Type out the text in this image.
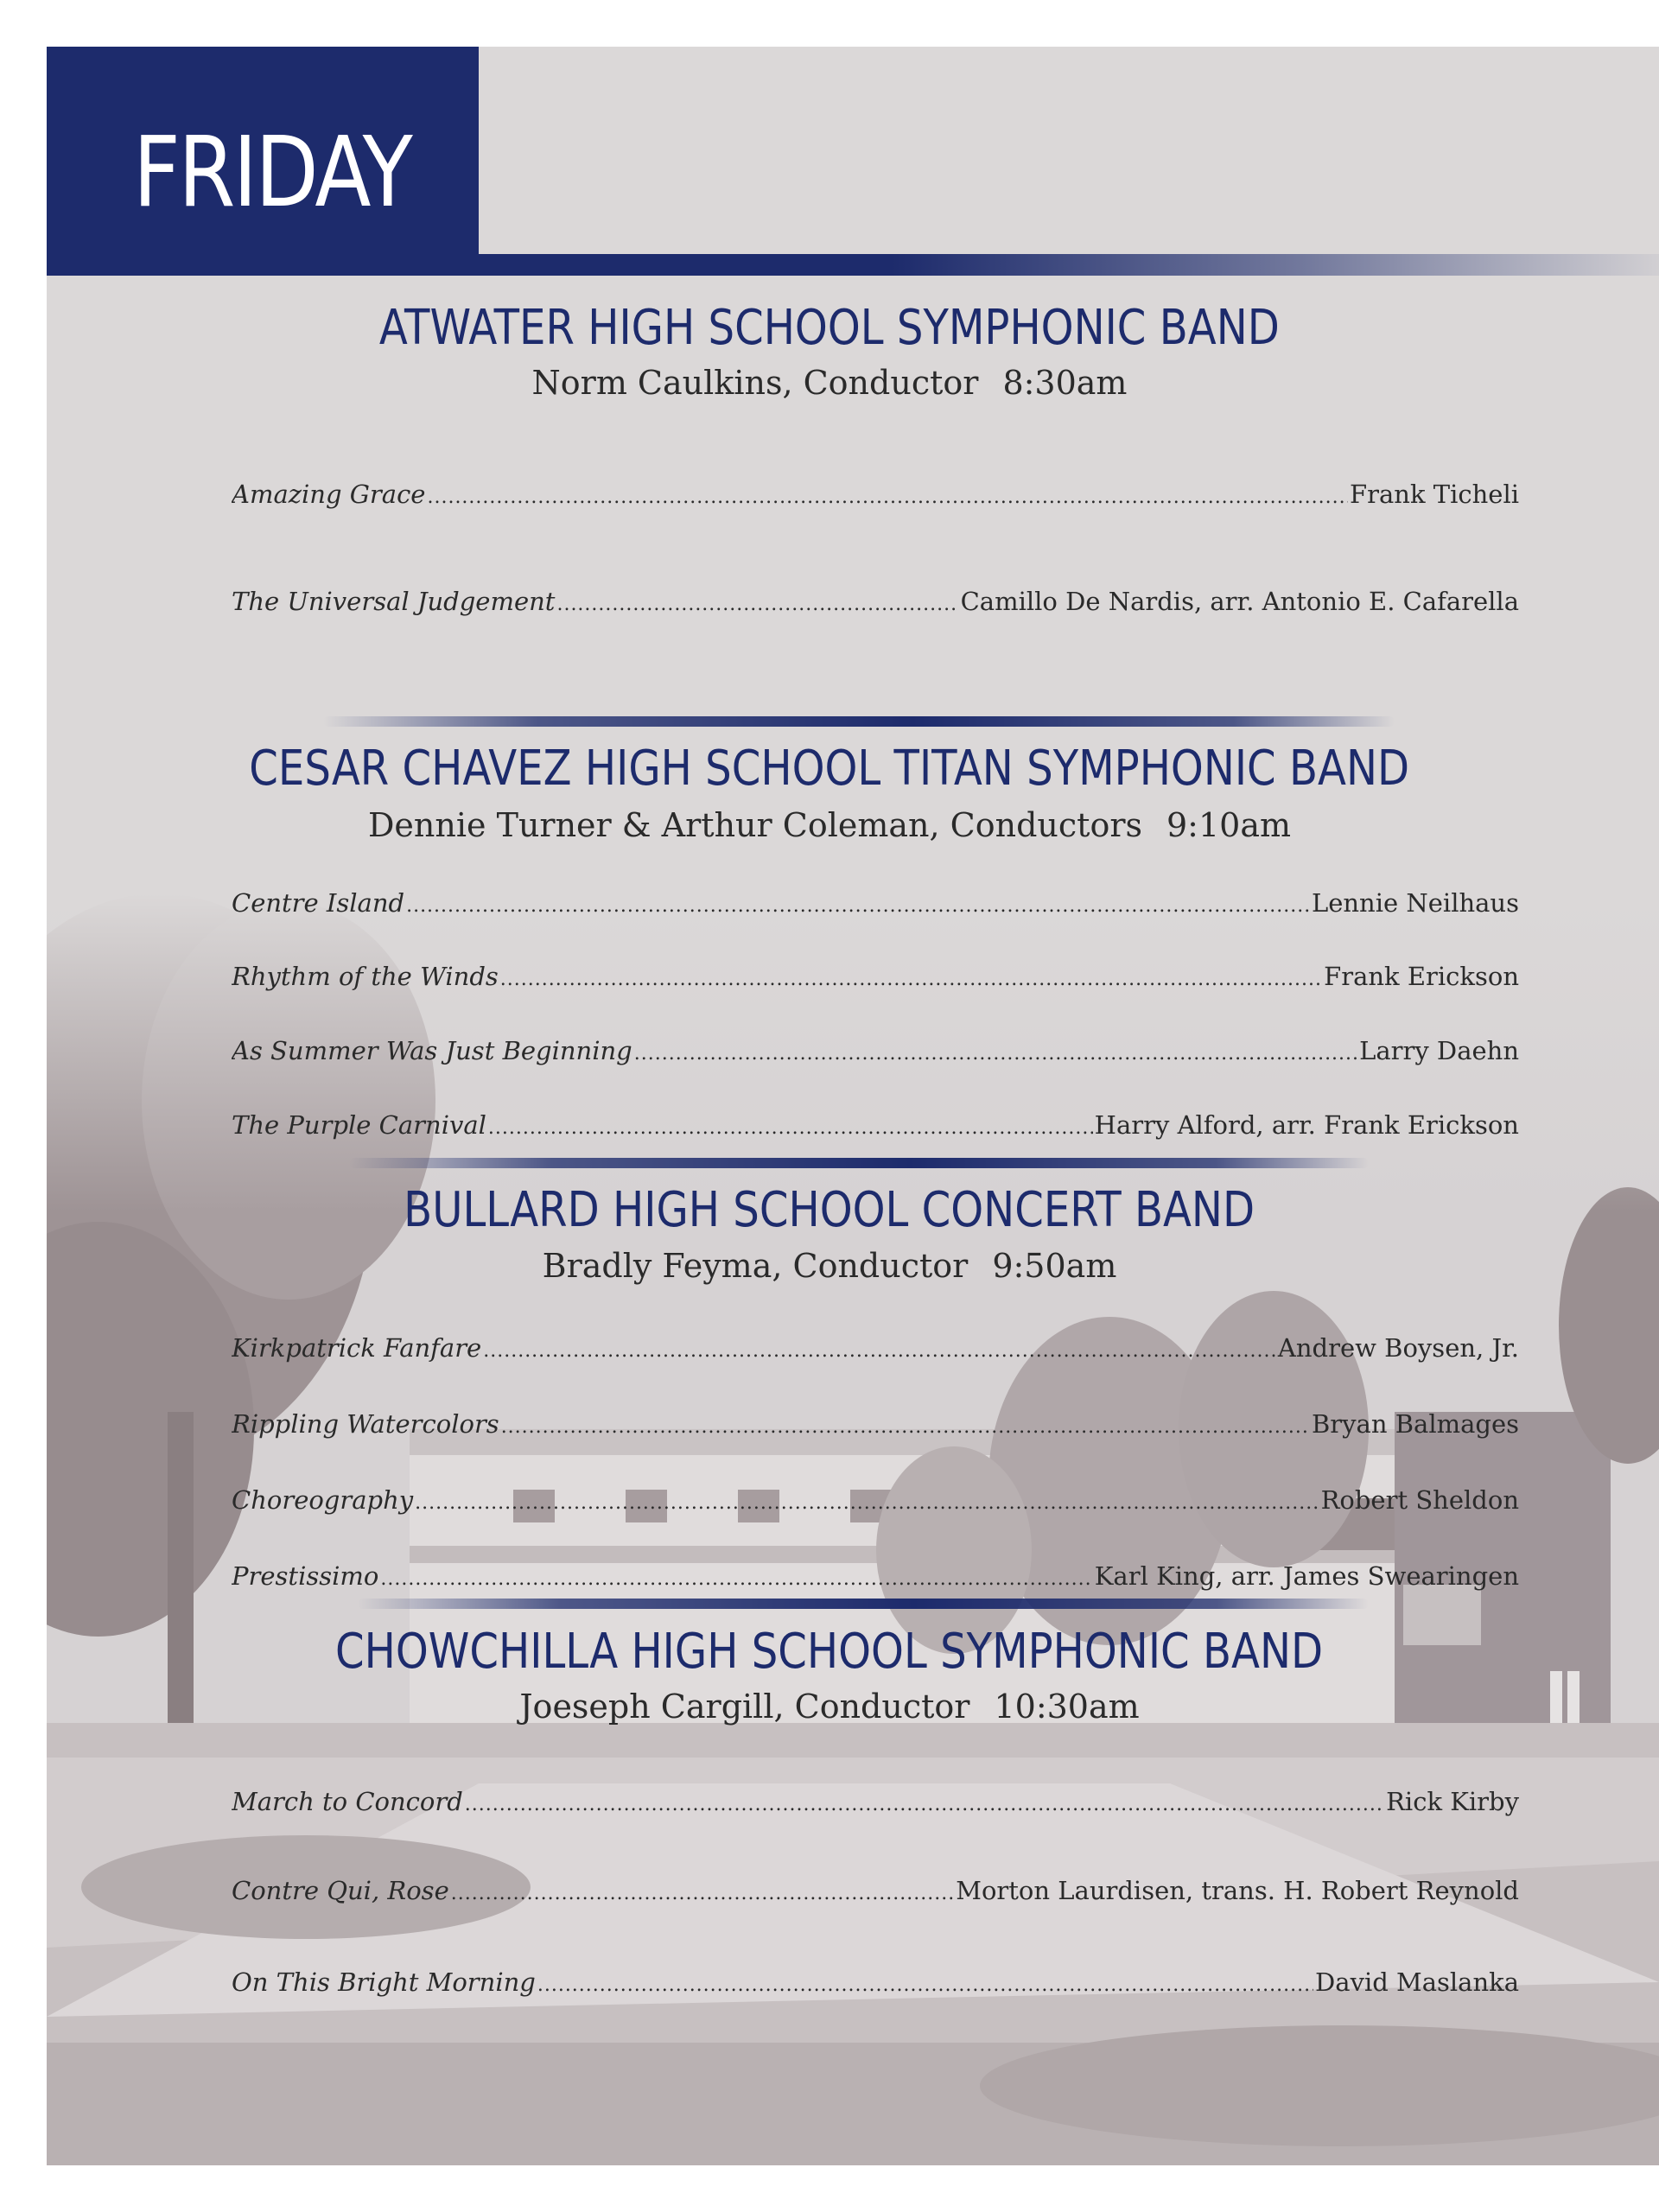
FRIDAY
ATWATER HIGH SCHOOL SYMPHONIC BAND
Norm Caulkins, Conductor 8:30am
Amazing Grace .....	Frank Ticheli
The Universal Judgement .....	Camillo De Nardis, arr. Antonio E. Cafarella
CESAR CHAVEZ HIGH SCHOOL TITAN SYMPHONIC BAND
Dennie Turner & Arthur Coleman, Conductors 9:10am
Centre Island .....	Lennie Neilhaus
Rhythm of the Winds .....	Frank Erickson
As Summer Was Just Beginning .....	Larry Daehn
The Purple Carnival .....	Harry Alford, arr. Frank Erickson
BULLARD HIGH SCHOOL CONCERT BAND
Bradly Feyma, Conductor 9:50am
Kirkpatrick Fanfare .....	Andrew Boysen, Jr.
Rippling Watercolors .....	Bryan Balmages
Choreography .....	Robert Sheldon
Prestissimo .....	Karl King, arr. James Swearingen
CHOWCHILLA HIGH SCHOOL SYMPHONIC BAND
Joeseph Cargill, Conductor 10:30am
March to Concord .....	Rick Kirby
Contre Qui, Rose .....	Morton Laurdisen, trans. H. Robert Reynold
On This Bright Morning .....	David Maslanka
